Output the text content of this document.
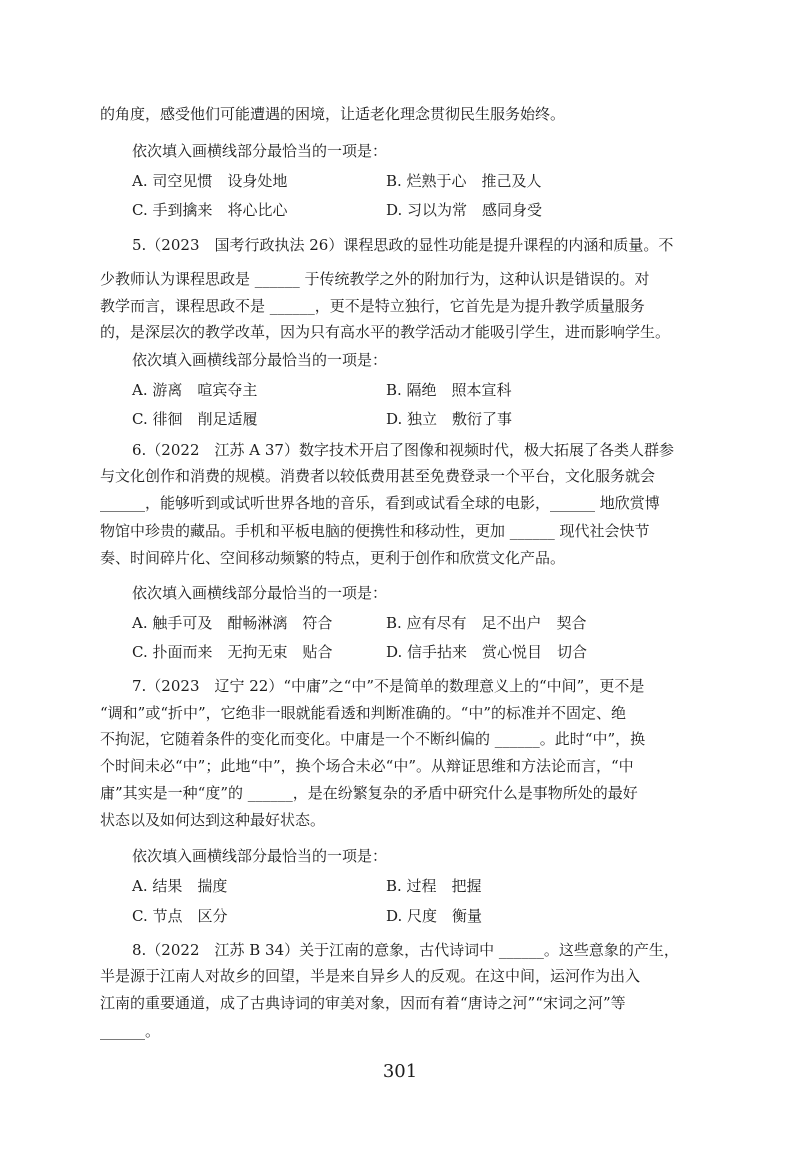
的角度，感受他们可能遭遇的困境，让适老化理念贯彻民生服务始终。
依次填入画横线部分最恰当的一项是：
A. 司空见惯　设身处地	B. 烂熟于心　推己及人
C. 手到擒来　将心比心	D. 习以为常　感同身受
5.（2023　国考行政执法 26）课程思政的显性功能是提升课程的内涵和质量。不
少教师认为课程思政是 ______ 于传统教学之外的附加行为，这种认识是错误的。对
教学而言，课程思政不是 ______，更不是特立独行，它首先是为提升教学质量服务
的，是深层次的教学改革，因为只有高水平的教学活动才能吸引学生，进而影响学生。
依次填入画横线部分最恰当的一项是：
A. 游离　喧宾夺主	B. 隔绝　照本宣科
C. 徘徊　削足适履	D. 独立　敷衍了事
6.（2022　江苏 A 37）数字技术开启了图像和视频时代，极大拓展了各类人群参
与文化创作和消费的规模。消费者以较低费用甚至免费登录一个平台，文化服务就会
______，能够听到或试听世界各地的音乐，看到或试看全球的电影，______ 地欣赏博
物馆中珍贵的藏品。手机和平板电脑的便携性和移动性，更加 ______ 现代社会快节
奏、时间碎片化、空间移动频繁的特点，更利于创作和欣赏文化产品。
依次填入画横线部分最恰当的一项是：
A. 触手可及　酣畅淋漓　符合	B. 应有尽有　足不出户　契合
C. 扑面而来　无拘无束　贴合	D. 信手拈来　赏心悦目　切合
7.（2023　辽宁 22）“中庸”之“中”不是简单的数理意义上的“中间”，更不是
“调和”或“折中”，它绝非一眼就能看透和判断准确的。“中”的标准并不固定、绝
不拘泥，它随着条件的变化而变化。中庸是一个不断纠偏的 ______。此时“中”，换
个时间未必“中”；此地“中”，换个场合未必“中”。从辩证思维和方法论而言，“中
庸”其实是一种“度”的 ______，是在纷繁复杂的矛盾中研究什么是事物所处的最好
状态以及如何达到这种最好状态。
依次填入画横线部分最恰当的一项是：
A. 结果　揣度	B. 过程　把握
C. 节点　区分	D. 尺度　衡量
8.（2022　江苏 B 34）关于江南的意象，古代诗词中 ______。这些意象的产生，
半是源于江南人对故乡的回望，半是来自异乡人的反观。在这中间，运河作为出入
江南的重要通道，成了古典诗词的审美对象，因而有着“唐诗之河”“宋词之河”等
______。
301
